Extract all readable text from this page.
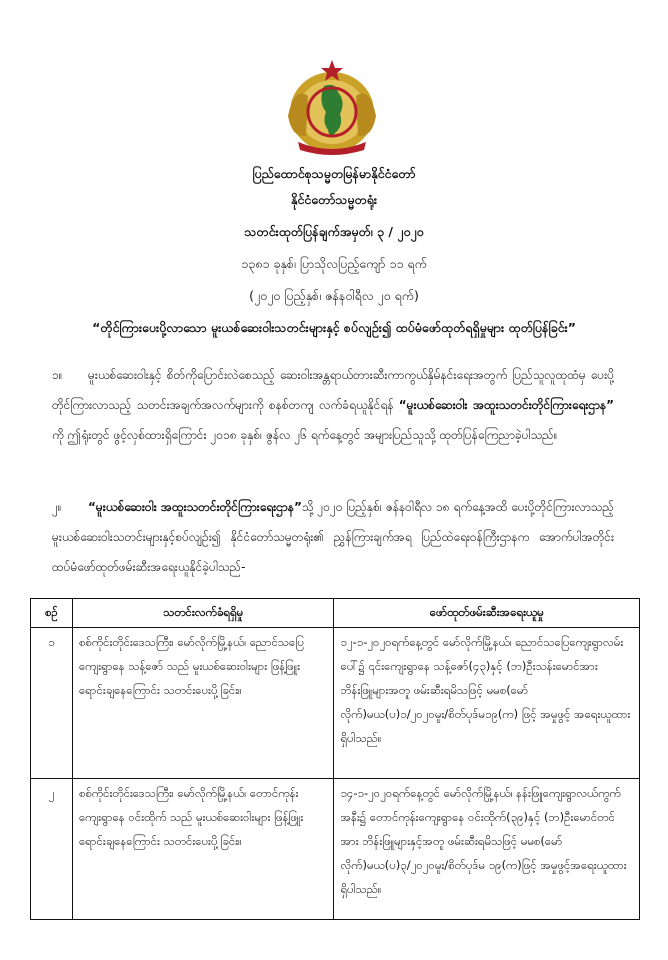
ပြည်ထောင်စုသမ္မတမြန်မာနိုင်ငံတော်
နိုင်ငံတော်သမ္မတရုံး
သတင်းထုတ်ပြန်ချက်အမှတ်၊ ၃ / ၂၀၂၀
၁၃၈၁ ခုနှစ်၊ ပြာသိုလပြည့်ကျော် ၁၁ ရက်
(၂၀၂၀ ပြည့်နှစ်၊ ဇန်နဝါရီလ ၂၀ ရက်)
“တိုင်ကြားပေးပို့လာသော မူးယစ်ဆေးဝါးသတင်းများနှင့် စပ်လျဉ်း၍ ထပ်မံဖော်ထုတ်ရရှိမှုများ ထုတ်ပြန်ခြင်း”
၁။ မူးယစ်ဆေးဝါးနှင့် စိတ်ကိုပြောင်းလဲစေသည့် ဆေးဝါးအန္တရာယ်တားဆီးကာကွယ်နှိမ်နင်းရေးအတွက် ပြည်သူလူထုထံမှ ပေးပို့တိုင်ကြားလာသည့် သတင်းအချက်အလက်များကို စနစ်တကျ လက်ခံရယူနိုင်ရန် “မူးယစ်ဆေးဝါး အထူးသတင်းတိုင်ကြားရေးဌာန” ကို ဤရုံးတွင် ဖွင့်လှစ်ထားရှိကြောင်း ၂၀၁၈ ခုနှစ်၊ ဇွန်လ ၂၆ ရက်နေ့တွင် အများပြည်သူသို့ ထုတ်ပြန်ကြေညာခဲ့ပါသည်။
၂။ “မူးယစ်ဆေးဝါး အထူးသတင်းတိုင်ကြားရေးဌာန”သို့ ၂၀၂၀ ပြည့်နှစ်၊ ဇန်နဝါရီလ ၁၈ ရက်နေ့အထိ ပေးပို့တိုင်ကြားလာသည့် မူးယစ်ဆေးဝါးသတင်းများနှင့်စပ်လျဉ်း၍ နိုင်ငံတော်သမ္မတရုံး၏ ညွှန်ကြားချက်အရ ပြည်ထဲရေးဝန်ကြီးဌာနက အောက်ပါအတိုင်း ထပ်မံဖော်ထုတ်ဖမ်းဆီးအရေးယူနိုင်ခဲ့ပါသည်-
စဉ်	သတင်းလက်ခံရရှိမှု	ဖော်ထုတ်ဖမ်းဆီးအရေးယူမှု
၁	စစ်ကိုင်းတိုင်းဒေသကြီး၊ မော်လိုက်မြို့နယ်၊ ညောင်သပြေကျေးရွာနေ သန့်ဇော် သည် မူးယစ်ဆေးဝါးများ ဖြန့်ဖြူးရောင်းချနေကြောင်း သတင်းပေးပို့ခြင်း။	၁၂-၁-၂၀၂၀ရက်နေ့တွင် မော်လိုက်မြို့နယ်၊ ညောင်သပြေကျေးရွာလမ်းပေါ်၌ ၎င်းကျေးရွာနေ သန့်ဇော်(၄၃)နှင့် (ဘ)ဦးသန်းမောင်အား ဘိန်းဖြူများအတူ ဖမ်းဆီးရမိသဖြင့် မမစ(မော်လိုက်)မယ(ပ)၁/၂၀၂၀မူး/စိတ်ပုဒ်မ၁၉(က) ဖြင့် အမှုဖွင့် အရေးယူထားရှိပါသည်။
၂	စစ်ကိုင်းတိုင်းဒေသကြီး၊ မော်လိုက်မြို့နယ်၊ တောင်ကုန်းကျေးရွာနေ ဝင်းထိုက် သည် မူးယစ်ဆေးဝါးများ ဖြန့်ဖြူးရောင်းချနေကြောင်း သတင်းပေးပို့ခြင်း။	၁၄-၁-၂၀၂၀ရက်နေ့တွင် မော်လိုက်မြို့နယ်၊ နန်းဖြူကျေးရွာလယ်ကွက်အနီး၌ တောင်ကုန်းကျေးရွာနေ ဝင်းထိုက်(၃၉)နှင့် (ဘ)ဦးမောင်တင်အား ဘိန်းဖြူများနှင့်အတူ ဖမ်းဆီးရမိသဖြင့် မမစ(မော်လိုက်)မယ(ပ)၃/၂၀၂၀မူး/စိတ်ပုဒ်မ ၁၉(က)ဖြင့် အမှုဖွင့်အရေးယူထားရှိပါသည်။
